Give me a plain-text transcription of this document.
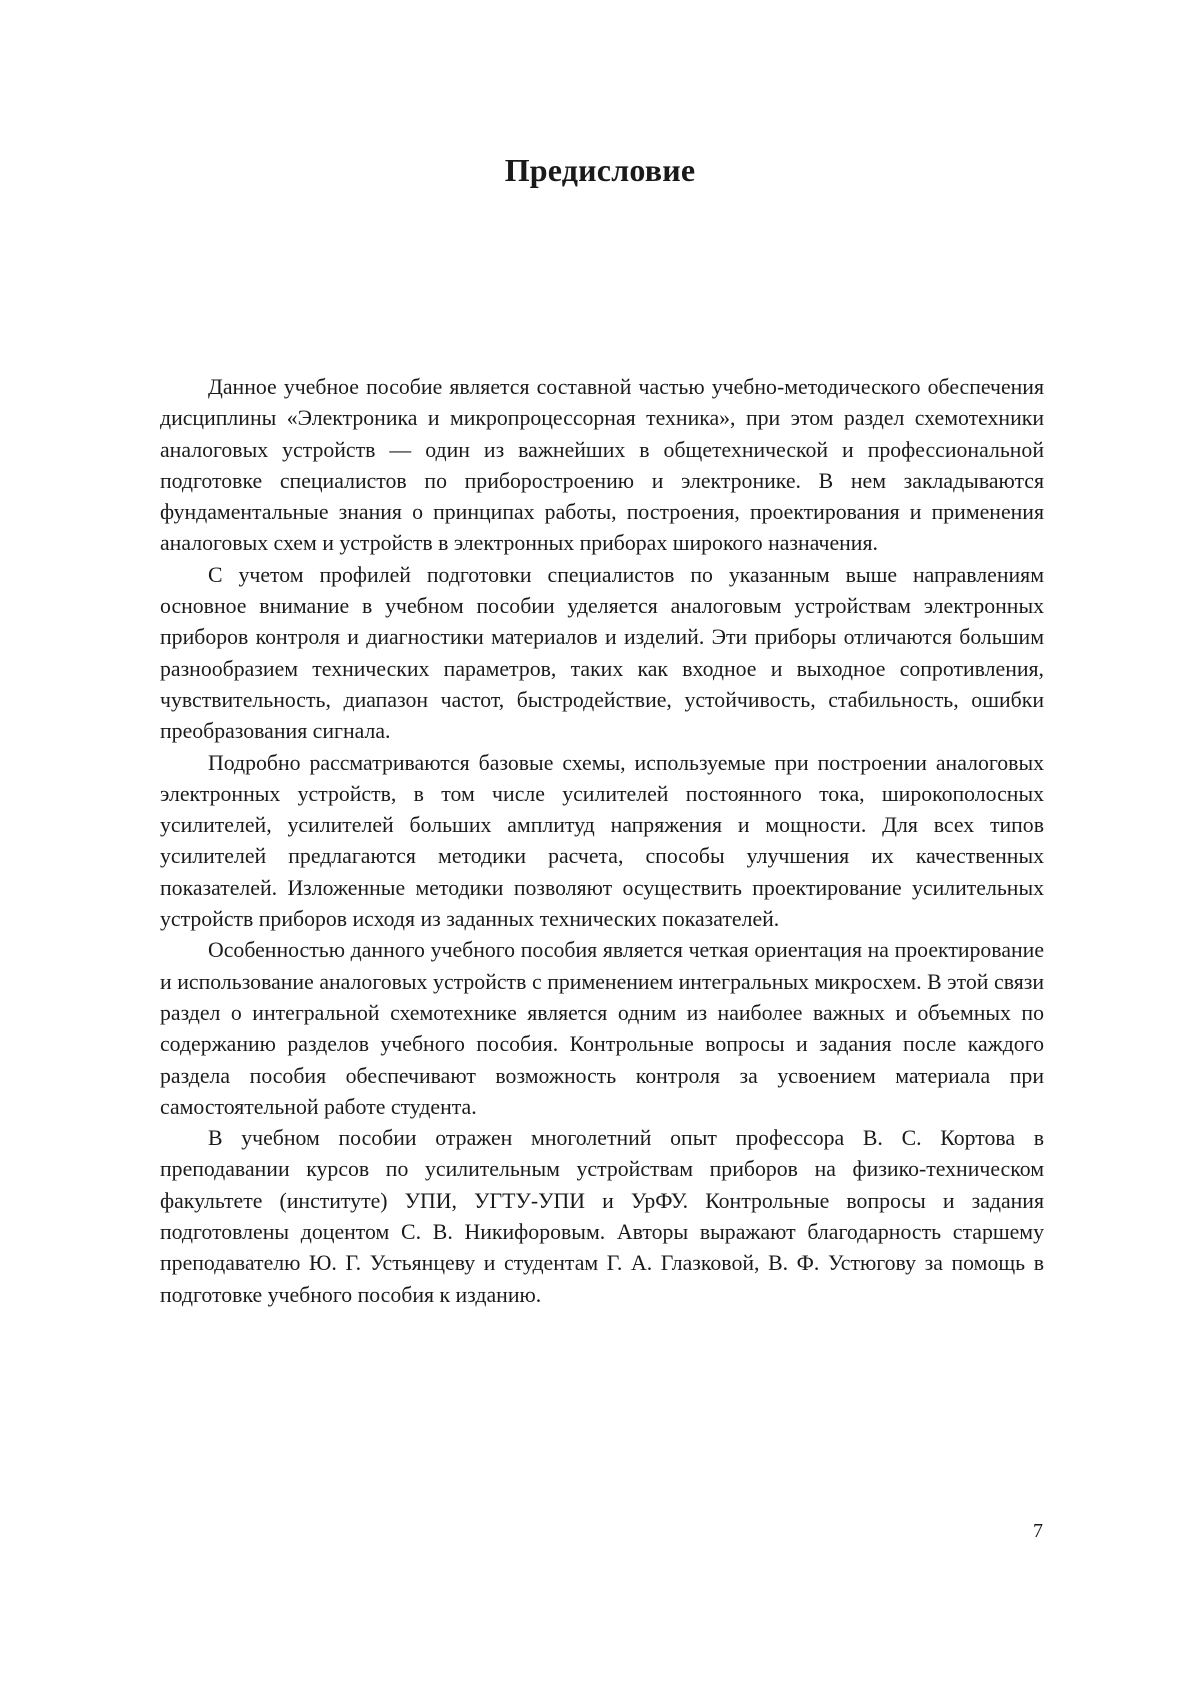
Предисловие

Данное учебное пособие является составной частью учебно-методического обеспечения дисциплины «Электроника и микропроцессорная техника», при этом раздел схемотехники аналоговых устройств — один из важнейших в общетехнической и профессиональной подготовке специалистов по приборостроению и электронике. В нем закладываются фундаментальные знания о принципах работы, построения, проектирования и применения аналоговых схем и устройств в электронных приборах широкого назначения.

С учетом профилей подготовки специалистов по указанным выше направлениям основное внимание в учебном пособии уделяется аналоговым устройствам электронных приборов контроля и диагностики материалов и изделий. Эти приборы отличаются большим разнообразием технических параметров, таких как входное и выходное сопротивления, чувствительность, диапазон частот, быстродействие, устойчивость, стабильность, ошибки преобразования сигнала.

Подробно рассматриваются базовые схемы, используемые при построении аналоговых электронных устройств, в том числе усилителей постоянного тока, широкополосных усилителей, усилителей больших амплитуд напряжения и мощности. Для всех типов усилителей предлагаются методики расчета, способы улучшения их качественных показателей. Изложенные методики позволяют осуществить проектирование усилительных устройств приборов исходя из заданных технических показателей.

Особенностью данного учебного пособия является четкая ориентация на проектирование и использование аналоговых устройств с применением интегральных микросхем. В этой связи раздел о интегральной схемотехнике является одним из наиболее важных и объемных по содержанию разделов учебного пособия. Контрольные вопросы и задания после каждого раздела пособия обеспечивают возможность контроля за усвоением материала при самостоятельной работе студента.

В учебном пособии отражен многолетний опыт профессора В. С. Кортова в преподавании курсов по усилительным устройствам приборов на физико-техническом факультете (институте) УПИ, УГТУ-УПИ и УрФУ. Контрольные вопросы и задания подготовлены доцентом С. В. Никифоровым. Авторы выражают благодарность старшему преподавателю Ю. Г. Устьянцеву и студентам Г. А. Глазковой, В. Ф. Устюгову за помощь в подготовке учебного пособия к изданию.

7
